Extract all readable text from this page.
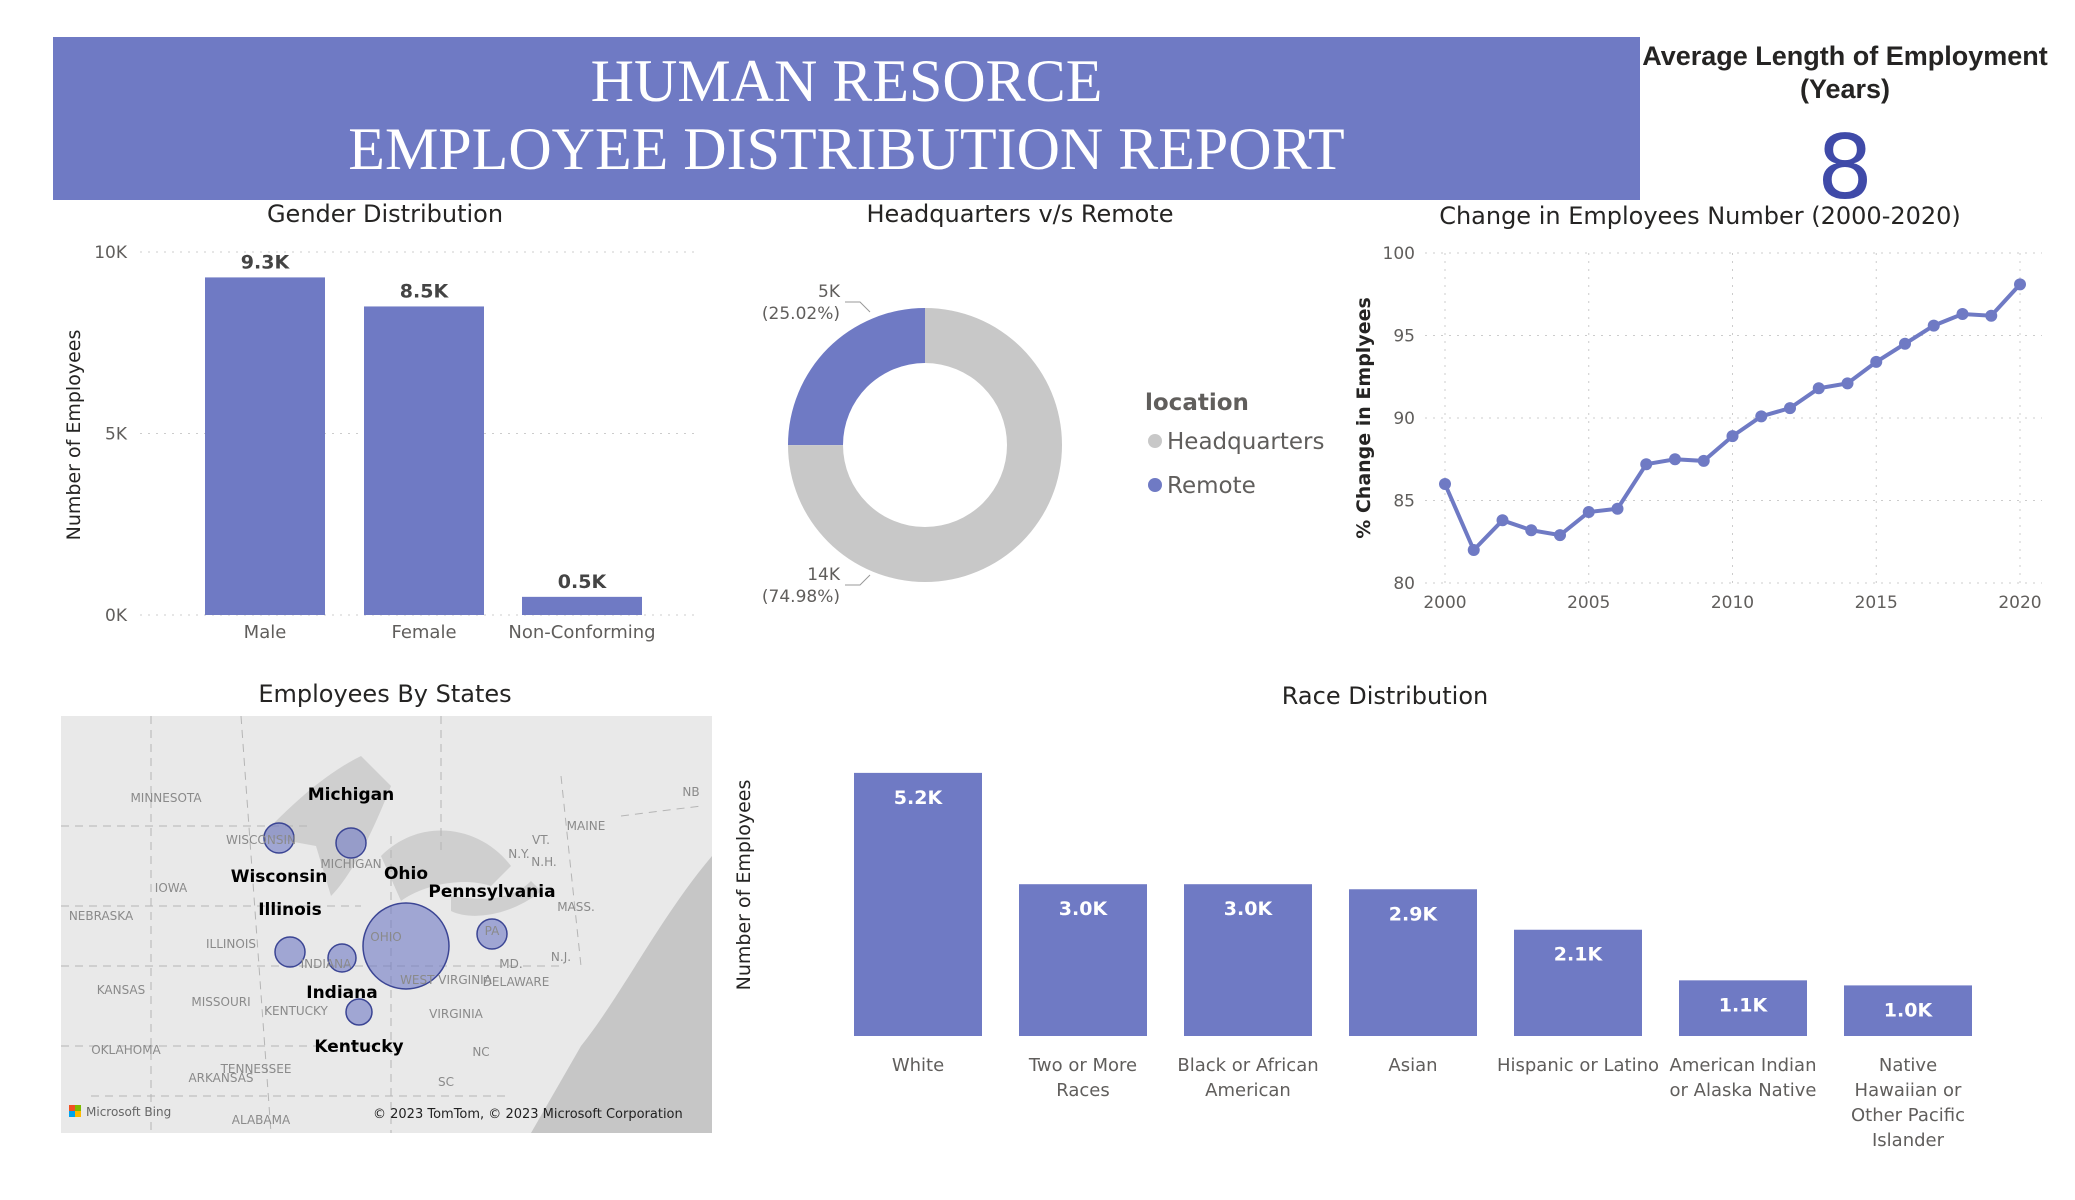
HUMAN RESORCE
EMPLOYEE DISTRIBUTION REPORT
Average Length of Employment (Years)
8
Gender Distribution
0K
5K
10K
Number of Employees
9.3K
Male
8.5K
Female
0.5K
Non-Conforming
Headquarters v/s Remote
5K
(25.02%)
14K
(74.98%)
location
Headquarters
Remote
Change in Employees Number (2000-2020)
80
85
90
95
100
2000	2005	2010	2015	2020
% Change in Emplyees
Employees By States
MINNESOTA
WISCONSIN
MICHIGAN
IOWA
NEBRASKA
KANSAS
MISSOURI
OKLAHOMA
ARKANSAS
ALABAMA
TENNESSEE
ILLINOIS
INDIANA
KENTUCKY
OHIO	PA
WEST VIRGINIA
VIRGINIA
NC
SC
MD.
DELAWARE
N.J.
MASS.
VT.
N.H.
MAINE
NB
N.Y.
Michigan
Wisconsin	Ohio
Pennsylvania
Illinois
Indiana
Kentucky
Microsoft Bing	© 2023 TomTom, © 2023 Microsoft Corporation
Race Distribution
Number of Employees	5.2K
3.0K	3.0K	2.9K
2.1K
1.1K	1.0K
White	Two or More Races
Black or African American
Asian	Hispanic or Latino American Indian or Alaska Native
Native Hawaiian or Other Pacific Islander
